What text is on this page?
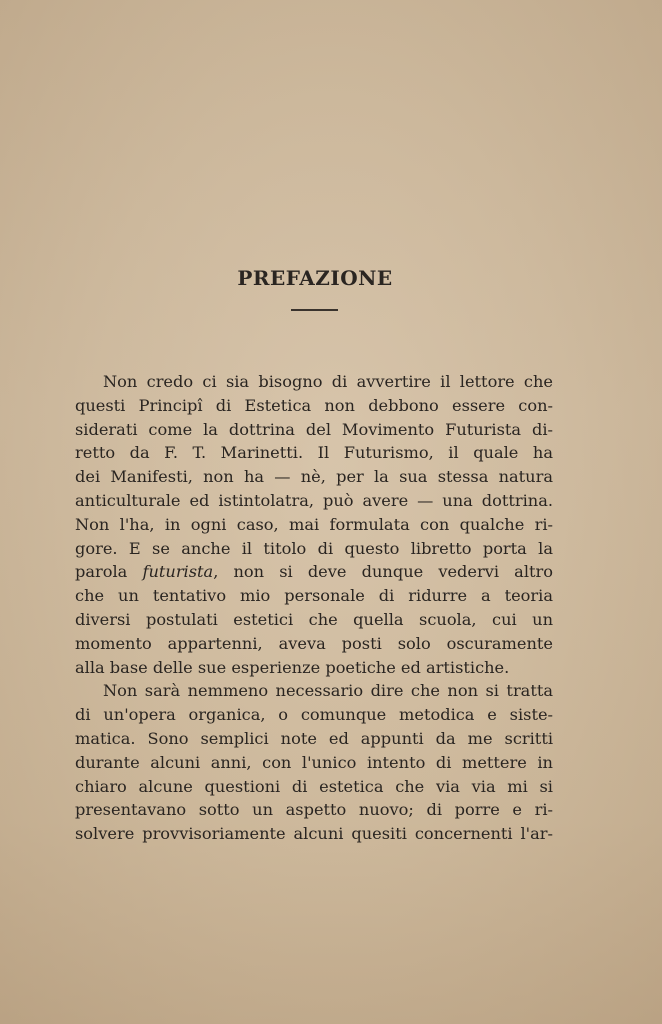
PREFAZIONE
Non credo ci sia bisogno di avvertire il lettore che
questi Principî di Estetica non debbono essere con-
siderati come la dottrina del Movimento Futurista di-
retto da F. T. Marinetti. Il Futurismo, il quale ha
dei Manifesti, non ha — nè, per la sua stessa natura
anticulturale ed istintolatra, può avere — una dottrina.
Non l'ha, in ogni caso, mai formulata con qualche ri-
gore. E se anche il titolo di questo libretto porta la
parola futurista, non si deve dunque vedervi altro
che un tentativo mio personale di ridurre a teoria
diversi postulati estetici che quella scuola, cui un
momento appartenni, aveva posti solo oscuramente
alla base delle sue esperienze poetiche ed artistiche.
Non sarà nemmeno necessario dire che non si tratta
di un'opera organica, o comunque metodica e siste-
matica. Sono semplici note ed appunti da me scritti
durante alcuni anni, con l'unico intento di mettere in
chiaro alcune questioni di estetica che via via mi si
presentavano sotto un aspetto nuovo; di porre e ri-
solvere provvisoriamente alcuni quesiti concernenti l'ar-
